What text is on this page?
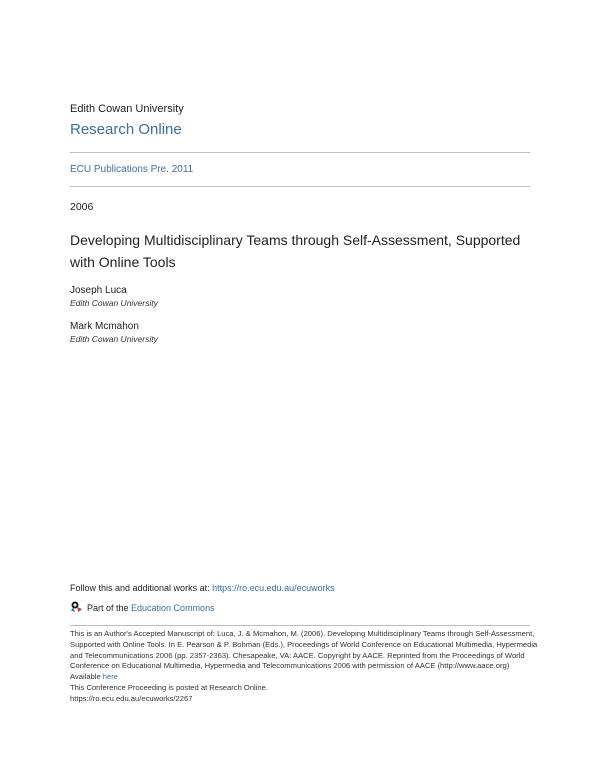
Edith Cowan University
Research Online
ECU Publications Pre. 2011
2006
Developing Multidisciplinary Teams through Self-Assessment, Supported with Online Tools
Joseph Luca
Edith Cowan University
Mark Mcmahon
Edith Cowan University
Follow this and additional works at: https://ro.ecu.edu.au/ecuworks
Part of the Education Commons

This is an Author's Accepted Manuscript of: Luca, J. & Mcmahon, M. (2006). Developing Multidisciplinary Teams through Self-Assessment, Supported with Online Tools. In E. Pearson & P. Bohman (Eds.), Proceedings of World Conference on Educational Multimedia, Hypermedia and Telecommunications 2006 (pp. 2357-2363). Chesapeake, VA: AACE. Copyright by AACE. Reprinted from the Proceedings of World Conference on Educational Multimedia, Hypermedia and Telecommunications 2006 with permission of AACE (http://www.aace.org) Available here

This Conference Proceeding is posted at Research Online.

https://ro.ecu.edu.au/ecuworks/2267
